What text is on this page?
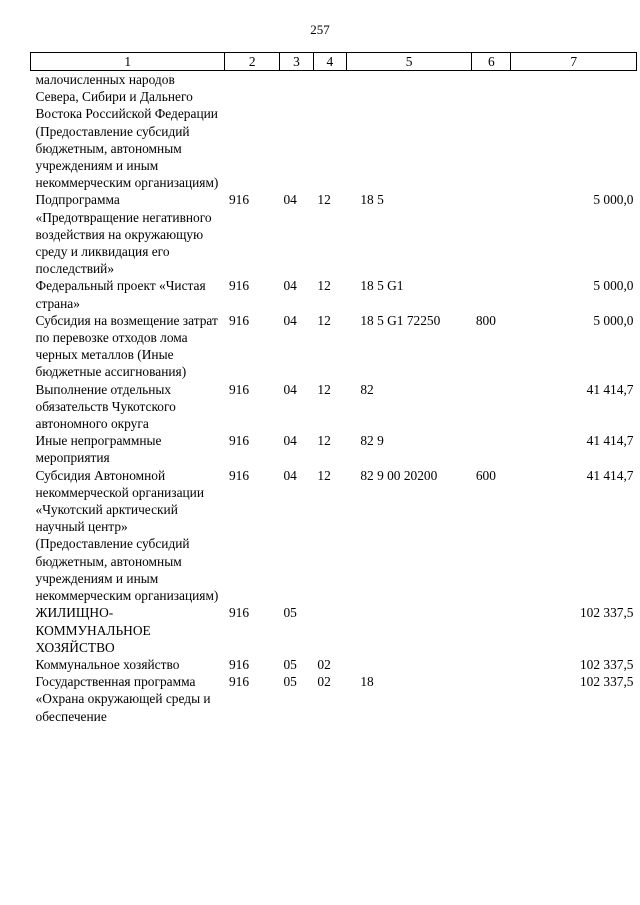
257
1	2	3	4	5	6	7
малочисленных народов Севера, Сибири и Дальнего Востока Российской Федерации (Предоставление субсидий бюджетным, автономным учреждениям и иным некоммерческим организациям)						
Подпрограмма «Предотвращение негативного воздействия на окружающую среду и ликвидация его последствий»	916	04	12	18 5		5 000,0
Федеральный проект «Чистая страна»	916	04	12	18 5 G1		5 000,0
Субсидия на возмещение затрат по перевозке отходов лома черных металлов (Иные бюджетные ассигнования)	916	04	12	18 5 G1 72250	800	5 000,0
Выполнение отдельных обязательств Чукотского автономного округа	916	04	12	82		41 414,7
Иные непрограммные мероприятия	916	04	12	82 9		41 414,7
Субсидия Автономной некоммерческой организации «Чукотский арктический научный центр» (Предоставление субсидий бюджетным, автономным учреждениям и иным некоммерческим организациям)	916	04	12	82 9 00 20200	600	41 414,7
ЖИЛИЩНО-КОММУНАЛЬНОЕ ХОЗЯЙСТВО	916	05				102 337,5
Коммунальное хозяйство	916	05	02			102 337,5
Государственная программа «Охрана окружающей среды и обеспечение	916	05	02	18		102 337,5
